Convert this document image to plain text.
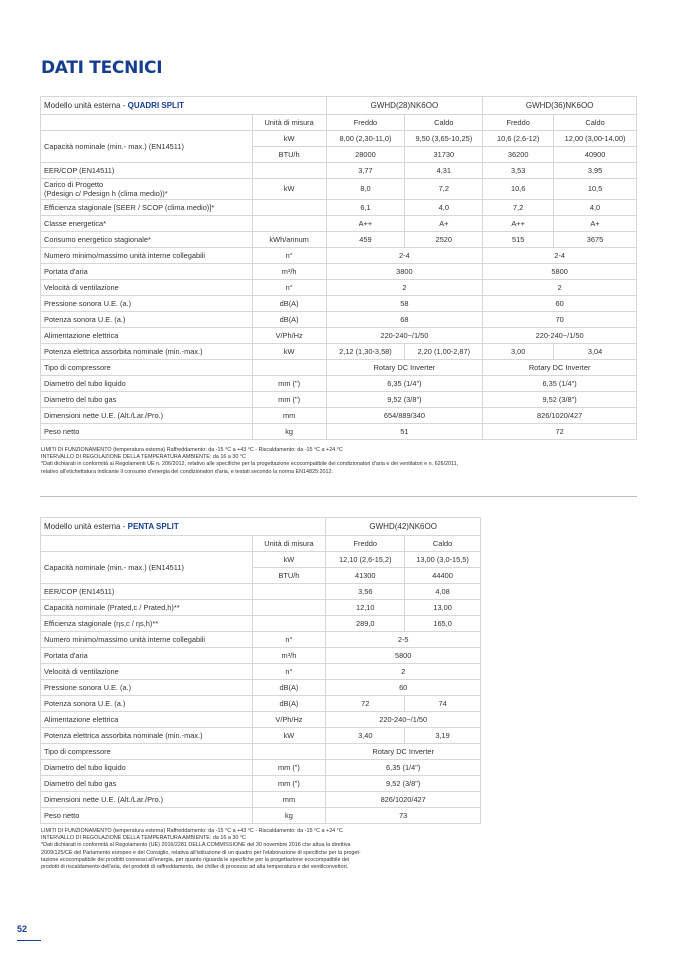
DATI TECNICI
Modello unità esterna - QUADRI SPLIT		GWHD(28)NK6OO		GWHD(36)NK6OO	
	Unità di misura	Freddo	Caldo	Freddo	Caldo
Capacità nominale (min.- max.) (EN14511)	kW	8,00 (2,30-11,0)	9,50 (3,65-10,25)	10,6 (2,6-12)	12,00 (3,00-14,00)
	BTU/h	28000	31730	36200	40900
EER/COP (EN14511)		3,77	4,31	3,53	3,95
Carico di Progetto
(Pdesign c/ Pdesign h (clima medio))*	kW	8,0	7,2	10,6	10,5
Efficienza stagionale [SEER / SCOP (clima medio)]*		6,1	4,0	7,2	4,0
Classe energetica*		A++	A+	A++	A+
Consumo energetico stagionale*	kWh/annum	459	2520	515	3675
Numero minimo/massimo unità interne collegabili	n°	2-4		2-4	
Portata d'aria	m³/h	3800		5800	
Velocità di ventilazione	n°	2		2	
Pressione sonora U.E. (a.)	dB(A)	58		60	
Potenza sonora U.E. (a.)	dB(A)	68		70	
Alimentazione elettrica	V/Ph/Hz	220-240~/1/50		220-240~/1/50	
Potenza elettrica assorbita nominale (min.-max.)	kW	2,12 (1,30-3,58)	2,20 (1,00-2,87)	3,00	3,04
Tipo di compressore		Rotary DC Inverter		Rotary DC Inverter	
Diametro del tubo liquido	mm (")	6,35 (1/4")		6,35 (1/4")	
Diametro del tubo gas	mm (")	9,52 (3/8")		9,52 (3/8")	
Dimensioni nette U.E. (Alt./Lar./Pro.)	mm	654/889/340		826/1020/427	
Peso netto	kg	51		72	
LIMITI DI FUNZIONAMENTO (temperatura esterna) Raffreddamento: da -15 °C a +43 °C - Riscaldamento: da -15 °C a +24 °C
INTERVALLO DI REGOLAZIONE DELLA TEMPERATURA AMBIENTE: da 16 a 30 °C
*Dati dichiarati in conformità ai Regolamenti UE n. 206/2012, relativo alle specifiche per la progettazione ecocompatibile dei condizionatori d'aria e dei ventilatori e n. 626/2011,
relativo all'etichettatura indicante il consumo d'energia dei condizionatori d'aria, e testati secondo la norma EN14825:2012.
Modello unità esterna - PENTA SPLIT		GWHD(42)NK6OO	
	Unità di misura	Freddo	Caldo
Capacità nominale (min.- max.) (EN14511)	kW	12,10 (2,6-15,2)	13,00 (3,0-15,5)
	BTU/h	41300	44400
EER/COP (EN14511)		3,56	4,08
Capacità nominale (Prated,c / Prated,h)**		12,10	13,00
Efficienza stagionale (ηs,c / ηs,h)**		289,0	165,0
Numero minimo/massimo unità interne collegabili	n°	2-5	
Portata d'aria	m³/h	5800	
Velocità di ventilazione	n°	2	
Pressione sonora U.E. (a.)	dB(A)	60	
Potenza sonora U.E. (a.)	dB(A)	72	74
Alimentazione elettrica	V/Ph/Hz	220-240~/1/50	
Potenza elettrica assorbita nominale (min.-max.)	kW	3,40	3,19
Tipo di compressore		Rotary DC Inverter	
Diametro del tubo liquido	mm (")	6,35 (1/4")	
Diametro del tubo gas	mm (")	9,52 (3/8")	
Dimensioni nette U.E. (Alt./Lar./Pro.)	mm	826/1020/427	
Peso netto	kg	73	
LIMITI DI FUNZIONAMENTO (temperatura esterna) Raffreddamento: da -15 °C a +43 °C - Riscaldamento: da -15 °C a +24 °C
INTERVALLO DI REGOLAZIONE DELLA TEMPERATURA AMBIENTE: da 16 a 30 °C
*Dati dichiarati in conformità al Regolamento (UE) 2016/2281 DELLA COMMISSIONE del 30 novembre 2016 che attua la direttiva
2009/125/CE del Parlamento europeo e del Consiglio, relativa all'istituzione di un quadro per l'elaborazione di specifiche per la proget-
tazione ecocompatibile dei prodotti connessi all'energia, per quanto riguarda le specifiche per la progettazione ecocompatibile dei
prodotti di riscaldamento dell'aria, dei prodotti di raffreddamento, dei chiller di processo ad alta temperatura e dei ventilconvettori.
52
